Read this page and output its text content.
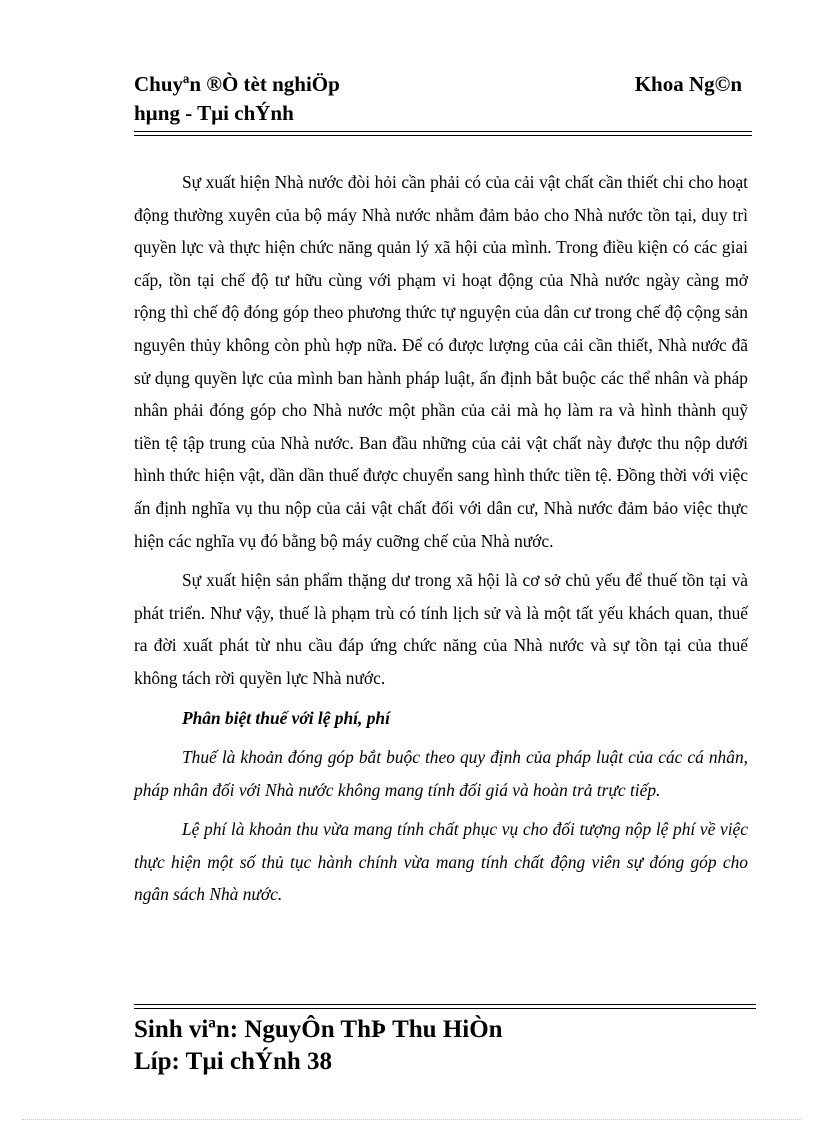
Chuyªn ®Ò tèt nghiÖp	Khoa Ng©n
hµng - Tµi chÝnh

Sự xuất hiện Nhà nước đòi hỏi cần phải có của cải vật chất cần thiết chi cho hoạt động thường xuyên của bộ máy Nhà nước nhằm đảm bảo cho Nhà nước tồn tại, duy trì quyền lực và thực hiện chức năng quản lý xã hội của mình. Trong điều kiện có các giai cấp, tồn tại chế độ tư hữu cùng với phạm vi hoạt động của Nhà nước ngày càng mở rộng thì chế độ đóng góp theo phương thức tự nguyện của dân cư trong chế độ cộng sản nguyên thủy không còn phù hợp nữa. Để có được lượng của cải cần thiết, Nhà nước đã sử dụng quyền lực của mình ban hành pháp luật, ấn định bắt buộc các thể nhân và pháp nhân phải đóng góp cho Nhà nước một phần của cải mà họ làm ra và hình thành quỹ tiền tệ tập trung của Nhà nước. Ban đầu những của cải vật chất này được thu nộp dưới hình thức hiện vật, dần dần thuế được chuyển sang hình thức tiền tệ. Đồng thời với việc ấn định nghĩa vụ thu nộp của cải vật chất đối với dân cư, Nhà nước đảm bảo việc thực hiện các nghĩa vụ đó bằng bộ máy cuỡng chế của Nhà nước.

Sự xuất hiện sản phẩm thặng dư trong xã hội là cơ sở chủ yếu để thuế tồn tại và phát triển. Như vậy, thuế là phạm trù có tính lịch sử và là một tất yếu khách quan, thuế ra đời xuất phát từ nhu cầu đáp ứng chức năng của Nhà nước và sự tồn tại của thuế không tách rời quyền lực Nhà nước.

Phân biệt thuế với lệ phí, phí

Thuế là khoản đóng góp bắt buộc theo quy định của pháp luật của các cá nhân, pháp nhân đối với Nhà nước không mang tính đối giá và hoàn trả trực tiếp.

Lệ phí là khoản thu vừa mang tính chất phục vụ cho đối tượng nộp lệ phí về việc thực hiện một số thủ tục hành chính vừa mang tính chất động viên sự đóng góp cho ngân sách Nhà nước.

Sinh viªn: NguyÔn ThÞ Thu HiÒn
Líp: Tµi chÝnh 38
